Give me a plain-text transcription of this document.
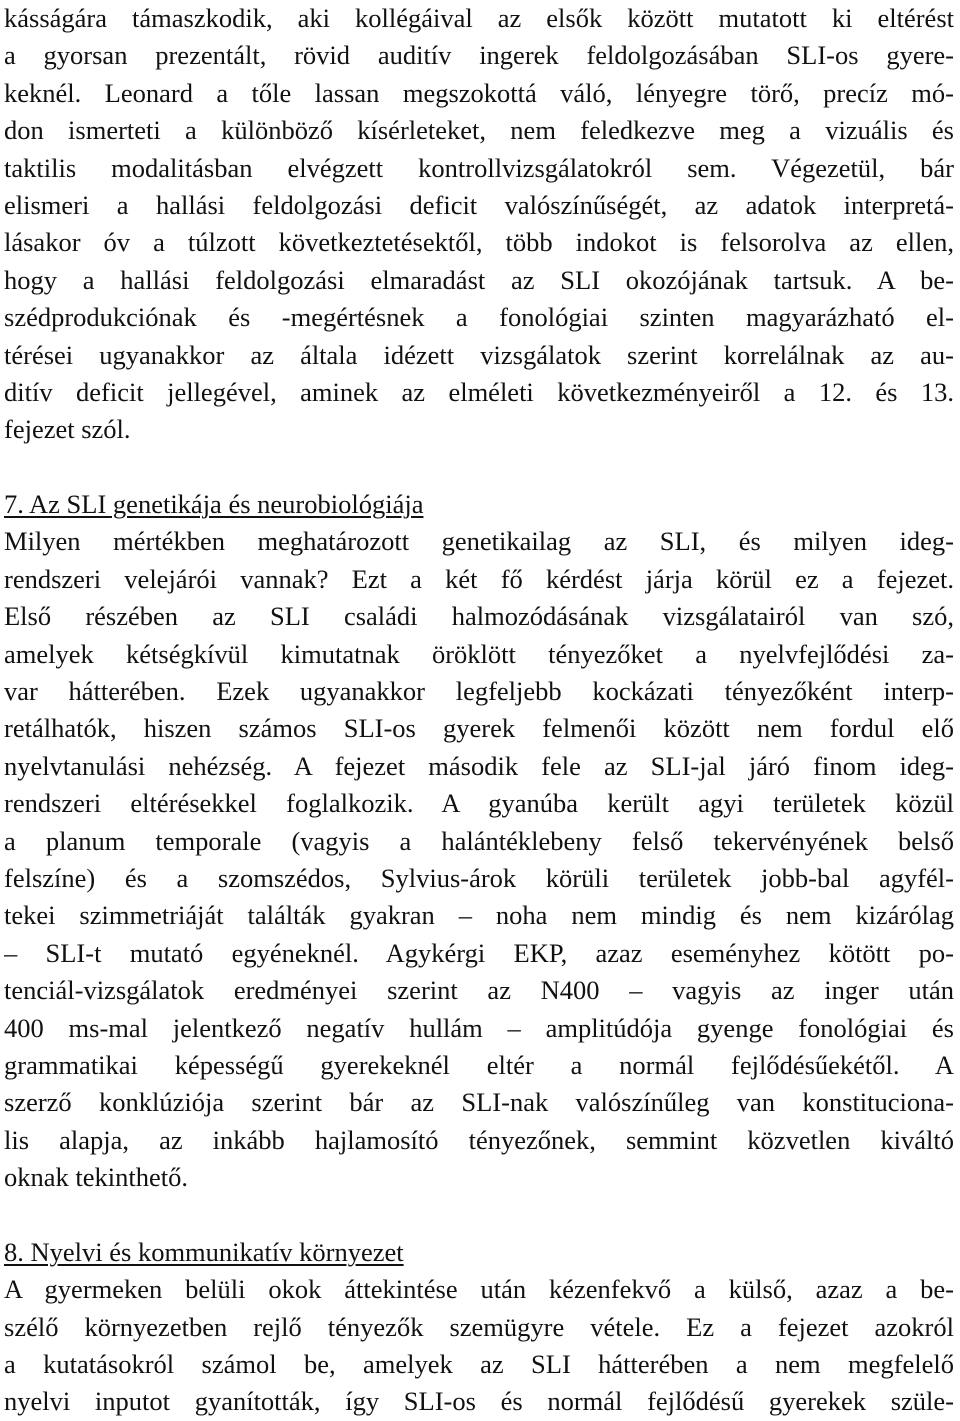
kásságára támaszkodik, aki kollégáival az elsők között mutatott ki eltérést
a gyorsan prezentált, rövid auditív ingerek feldolgozásában SLI-os gyere-
keknél. Leonard a tőle lassan megszokottá váló, lényegre törő, precíz mó-
don ismerteti a különböző kísérleteket, nem feledkezve meg a vizuális és
taktilis modalitásban elvégzett kontrollvizsgálatokról sem. Végezetül, bár
elismeri a hallási feldolgozási deficit valószínűségét, az adatok interpretá-
lásakor óv a túlzott következtetésektől, több indokot is felsorolva az ellen,
hogy a hallási feldolgozási elmaradást az SLI okozójának tartsuk. A be-
szédprodukciónak és -megértésnek a fonológiai szinten magyarázható el-
térései ugyanakkor az általa idézett vizsgálatok szerint korrelálnak az au-
ditív deficit jellegével, aminek az elméleti következményeiről a 12. és 13.
fejezet szól.
7. Az SLI genetikája és neurobiológiája
Milyen mértékben meghatározott genetikailag az SLI, és milyen ideg-
rendszeri velejárói vannak? Ezt a két fő kérdést járja körül ez a fejezet.
Első részében az SLI családi halmozódásának vizsgálatairól van szó,
amelyek kétségkívül kimutatnak öröklött tényezőket a nyelvfejlődési za-
var hátterében. Ezek ugyanakkor legfeljebb kockázati tényezőként interp-
retálhatók, hiszen számos SLI-os gyerek felmenői között nem fordul elő
nyelvtanulási nehézség. A fejezet második fele az SLI-jal járó finom ideg-
rendszeri eltérésekkel foglalkozik. A gyanúba került agyi területek közül
a planum temporale (vagyis a halántéklebeny felső tekervényének belső
felszíne) és a szomszédos, Sylvius-árok körüli területek jobb-bal agyfél-
tekei szimmetriáját találták gyakran – noha nem mindig és nem kizárólag
– SLI-t mutató egyéneknél. Agykérgi EKP, azaz eseményhez kötött po-
tenciál-vizsgálatok eredményei szerint az N400 – vagyis az inger után
400 ms-mal jelentkező negatív hullám – amplitúdója gyenge fonológiai és
grammatikai képességű gyerekeknél eltér a normál fejlődésűekétől. A
szerző konklúziója szerint bár az SLI-nak valószínűleg van konstituciona-
lis alapja, az inkább hajlamosító tényezőnek, semmint közvetlen kiváltó
oknak tekinthető.
8. Nyelvi és kommunikatív környezet
A gyermeken belüli okok áttekintése után kézenfekvő a külső, azaz a be-
szélő környezetben rejlő tényezők szemügyre vétele. Ez a fejezet azokról
a kutatásokról számol be, amelyek az SLI hátterében a nem megfelelő
nyelvi inputot gyanították, így SLI-os és normál fejlődésű gyerekek szüle-
